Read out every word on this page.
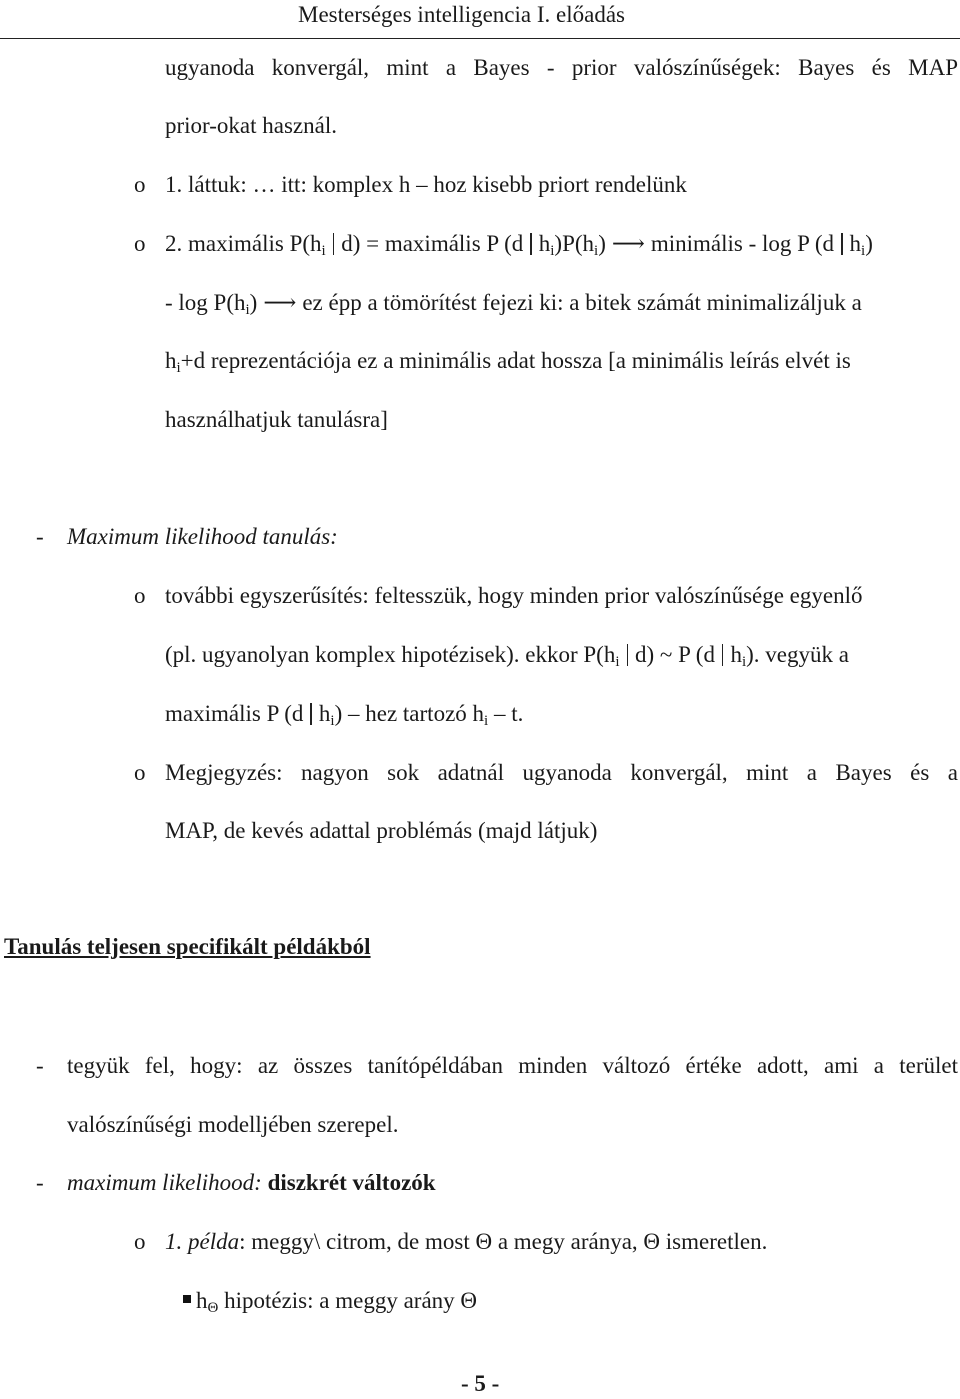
Mesterséges intelligencia I. előadás
ugyanoda konvergál, mint a Bayes - prior valószínűségek: Bayes és MAP
prior-okat használ.
o 1. láttuk: … itt: komplex h – hoz kisebb priort rendelünk
o 2. maximális $P(h_i$ d) = maximális P (d $h_i)P(h_i)$ ⟶ minimális - log P (d $h_i$)
- $\log P(h_i)$ ⟶ ez épp a tömörítést fejezi ki: a bitek számát minimalizáljuk a
$h_i+d$ reprezentációja ez a minimális adat hossza [a minimális leírás elvét is
használhatjuk tanulásra]
- Maximum likelihood tanulás:
o további egyszerűsítés: feltesszük, hogy minden prior valószínűsége egyenlő
(pl. ugyanolyan komplex hipotézisek). ekkor $P(h_i$ d) ~ P (d $h_i$). vegyük a
maximális P (d $h_i$) – hez tartozó $h_i$ – t.
o Megjegyzés: nagyon sok adatnál ugyanoda konvergál, mint a Bayes és a
MAP, de kevés adattal problémás (majd látjuk)
Tanulás teljesen specifikált példákból
- tegyük fel, hogy: az összes tanítópéldában minden változó értéke adott, ami a terület
valószínűségi modelljében szerepel.
- maximum likelihood: diszkrét változók
o 1. példa: meggy\ citrom, de most Θ a megy aránya, Θ ismeretlen.
$h_\Theta$ hipotézis: a meggy arány Θ
- 5 -
